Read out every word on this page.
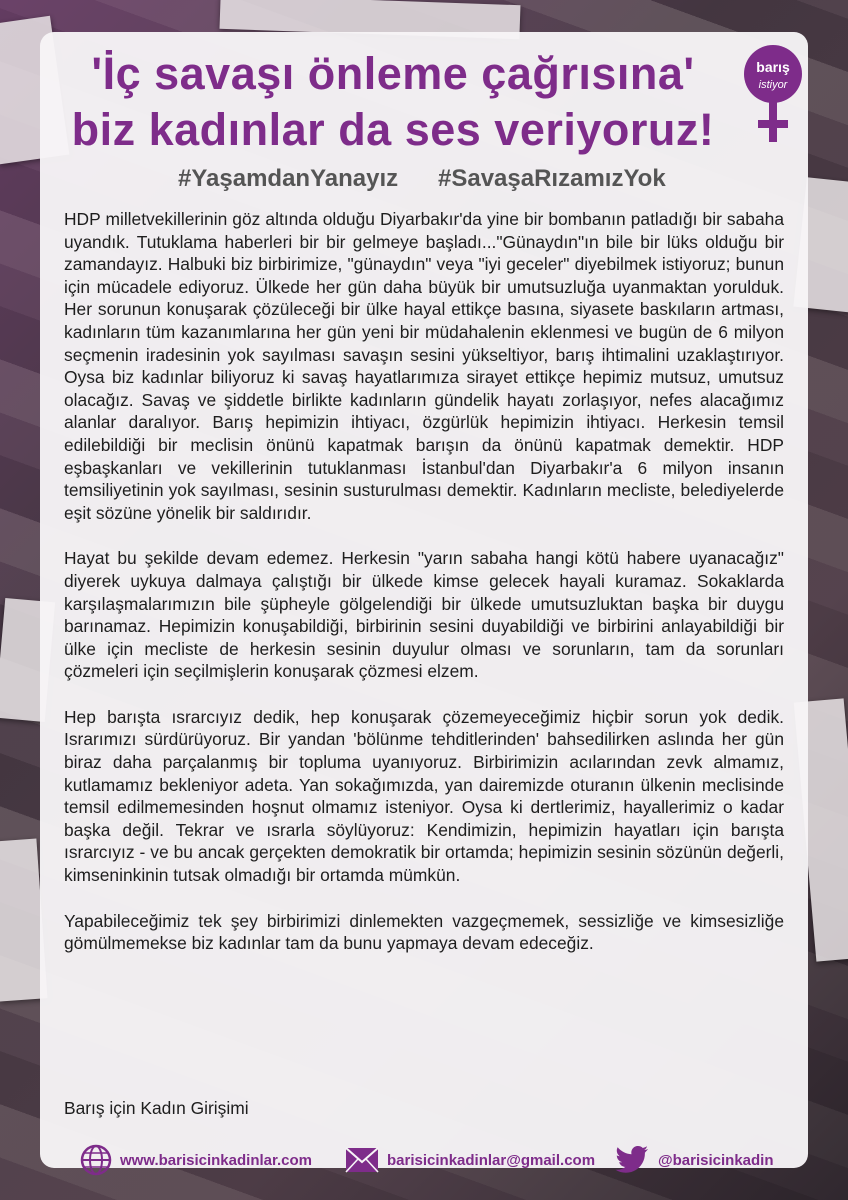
barış
istiyor
'İç savaşı önleme çağrısına'
biz kadınlar da ses veriyoruz!
#YaşamdanYanayız #SavaşaRızamızYok

HDP milletvekillerinin göz altında olduğu Diyarbakır'da yine bir bombanın patladığı bir sabaha uyandık. Tutuklama haberleri bir bir gelmeye başladı..."Günaydın"ın bile bir lüks olduğu bir zamandayız. Halbuki biz birbirimize, "günaydın" veya "iyi geceler" diyebilmek istiyoruz; bunun için mücadele ediyoruz. Ülkede her gün daha büyük bir umutsuzluğa uyanmaktan yorulduk. Her sorunun konuşarak çözüleceği bir ülke hayal ettikçe basına, siyasete baskıların artması, kadınların tüm kazanımlarına her gün yeni bir müdahalenin eklenmesi ve bugün de 6 milyon seçmenin iradesinin yok sayılması savaşın sesini yükseltiyor, barış ihtimalini uzaklaştırıyor. Oysa biz kadınlar biliyoruz ki savaş hayatlarımıza sirayet ettikçe hepimiz mutsuz, umutsuz olacağız. Savaş ve şiddetle birlikte kadınların gündelik hayatı zorlaşıyor, nefes alacağımız alanlar daralıyor. Barış hepimizin ihtiyacı, özgürlük hepimizin ihtiyacı. Herkesin temsil edilebildiği bir meclisin önünü kapatmak barışın da önünü kapatmak demektir. HDP eşbaşkanları ve vekillerinin tutuklanması İstanbul'dan Diyarbakır'a 6 milyon insanın temsiliyetinin yok sayılması, sesinin susturulması demektir. Kadınların mecliste, belediyelerde eşit sözüne yönelik bir saldırıdır.

Hayat bu şekilde devam edemez. Herkesin "yarın sabaha hangi kötü habere uyanacağız" diyerek uykuya dalmaya çalıştığı bir ülkede kimse gelecek hayali kuramaz. Sokaklarda karşılaşmalarımızın bile şüpheyle gölgelendiği bir ülkede umutsuzluktan başka bir duygu barınamaz. Hepimizin konuşabildiği, birbirinin sesini duyabildiği ve birbirini anlayabildiği bir ülke için mecliste de herkesin sesinin duyulur olması ve sorunların, tam da sorunları çözmeleri için seçilmişlerin konuşarak çözmesi elzem.

Hep barışta ısrarcıyız dedik, hep konuşarak çözemeyeceğimiz hiçbir sorun yok dedik. Israrımızı sürdürüyoruz. Bir yandan 'bölünme tehditlerinden' bahsedilirken aslında her gün biraz daha parçalanmış bir topluma uyanıyoruz. Birbirimizin acılarından zevk almamız, kutlamamız bekleniyor adeta. Yan sokağımızda, yan dairemizde oturanın ülkenin meclisinde temsil edilmemesinden hoşnut olmamız isteniyor. Oysa ki dertlerimiz, hayallerimiz o kadar başka değil. Tekrar ve ısrarla söylüyoruz: Kendimizin, hepimizin hayatları için barışta ısrarcıyız - ve bu ancak gerçekten demokratik bir ortamda; hepimizin sesinin sözünün değerli, kimseninkinin tutsak olmadığı bir ortamda mümkün.

Yapabileceğimiz tek şey birbirimizi dinlemekten vazgeçmemek, sessizliğe ve kimsesizliğe gömülmemekse biz kadınlar tam da bunu yapmaya devam edeceğiz.

Barış için Kadın Girişimi
www.barisicinkadinlar.com	barisicinkadinlar@gmail.com	@barisicinkadin
